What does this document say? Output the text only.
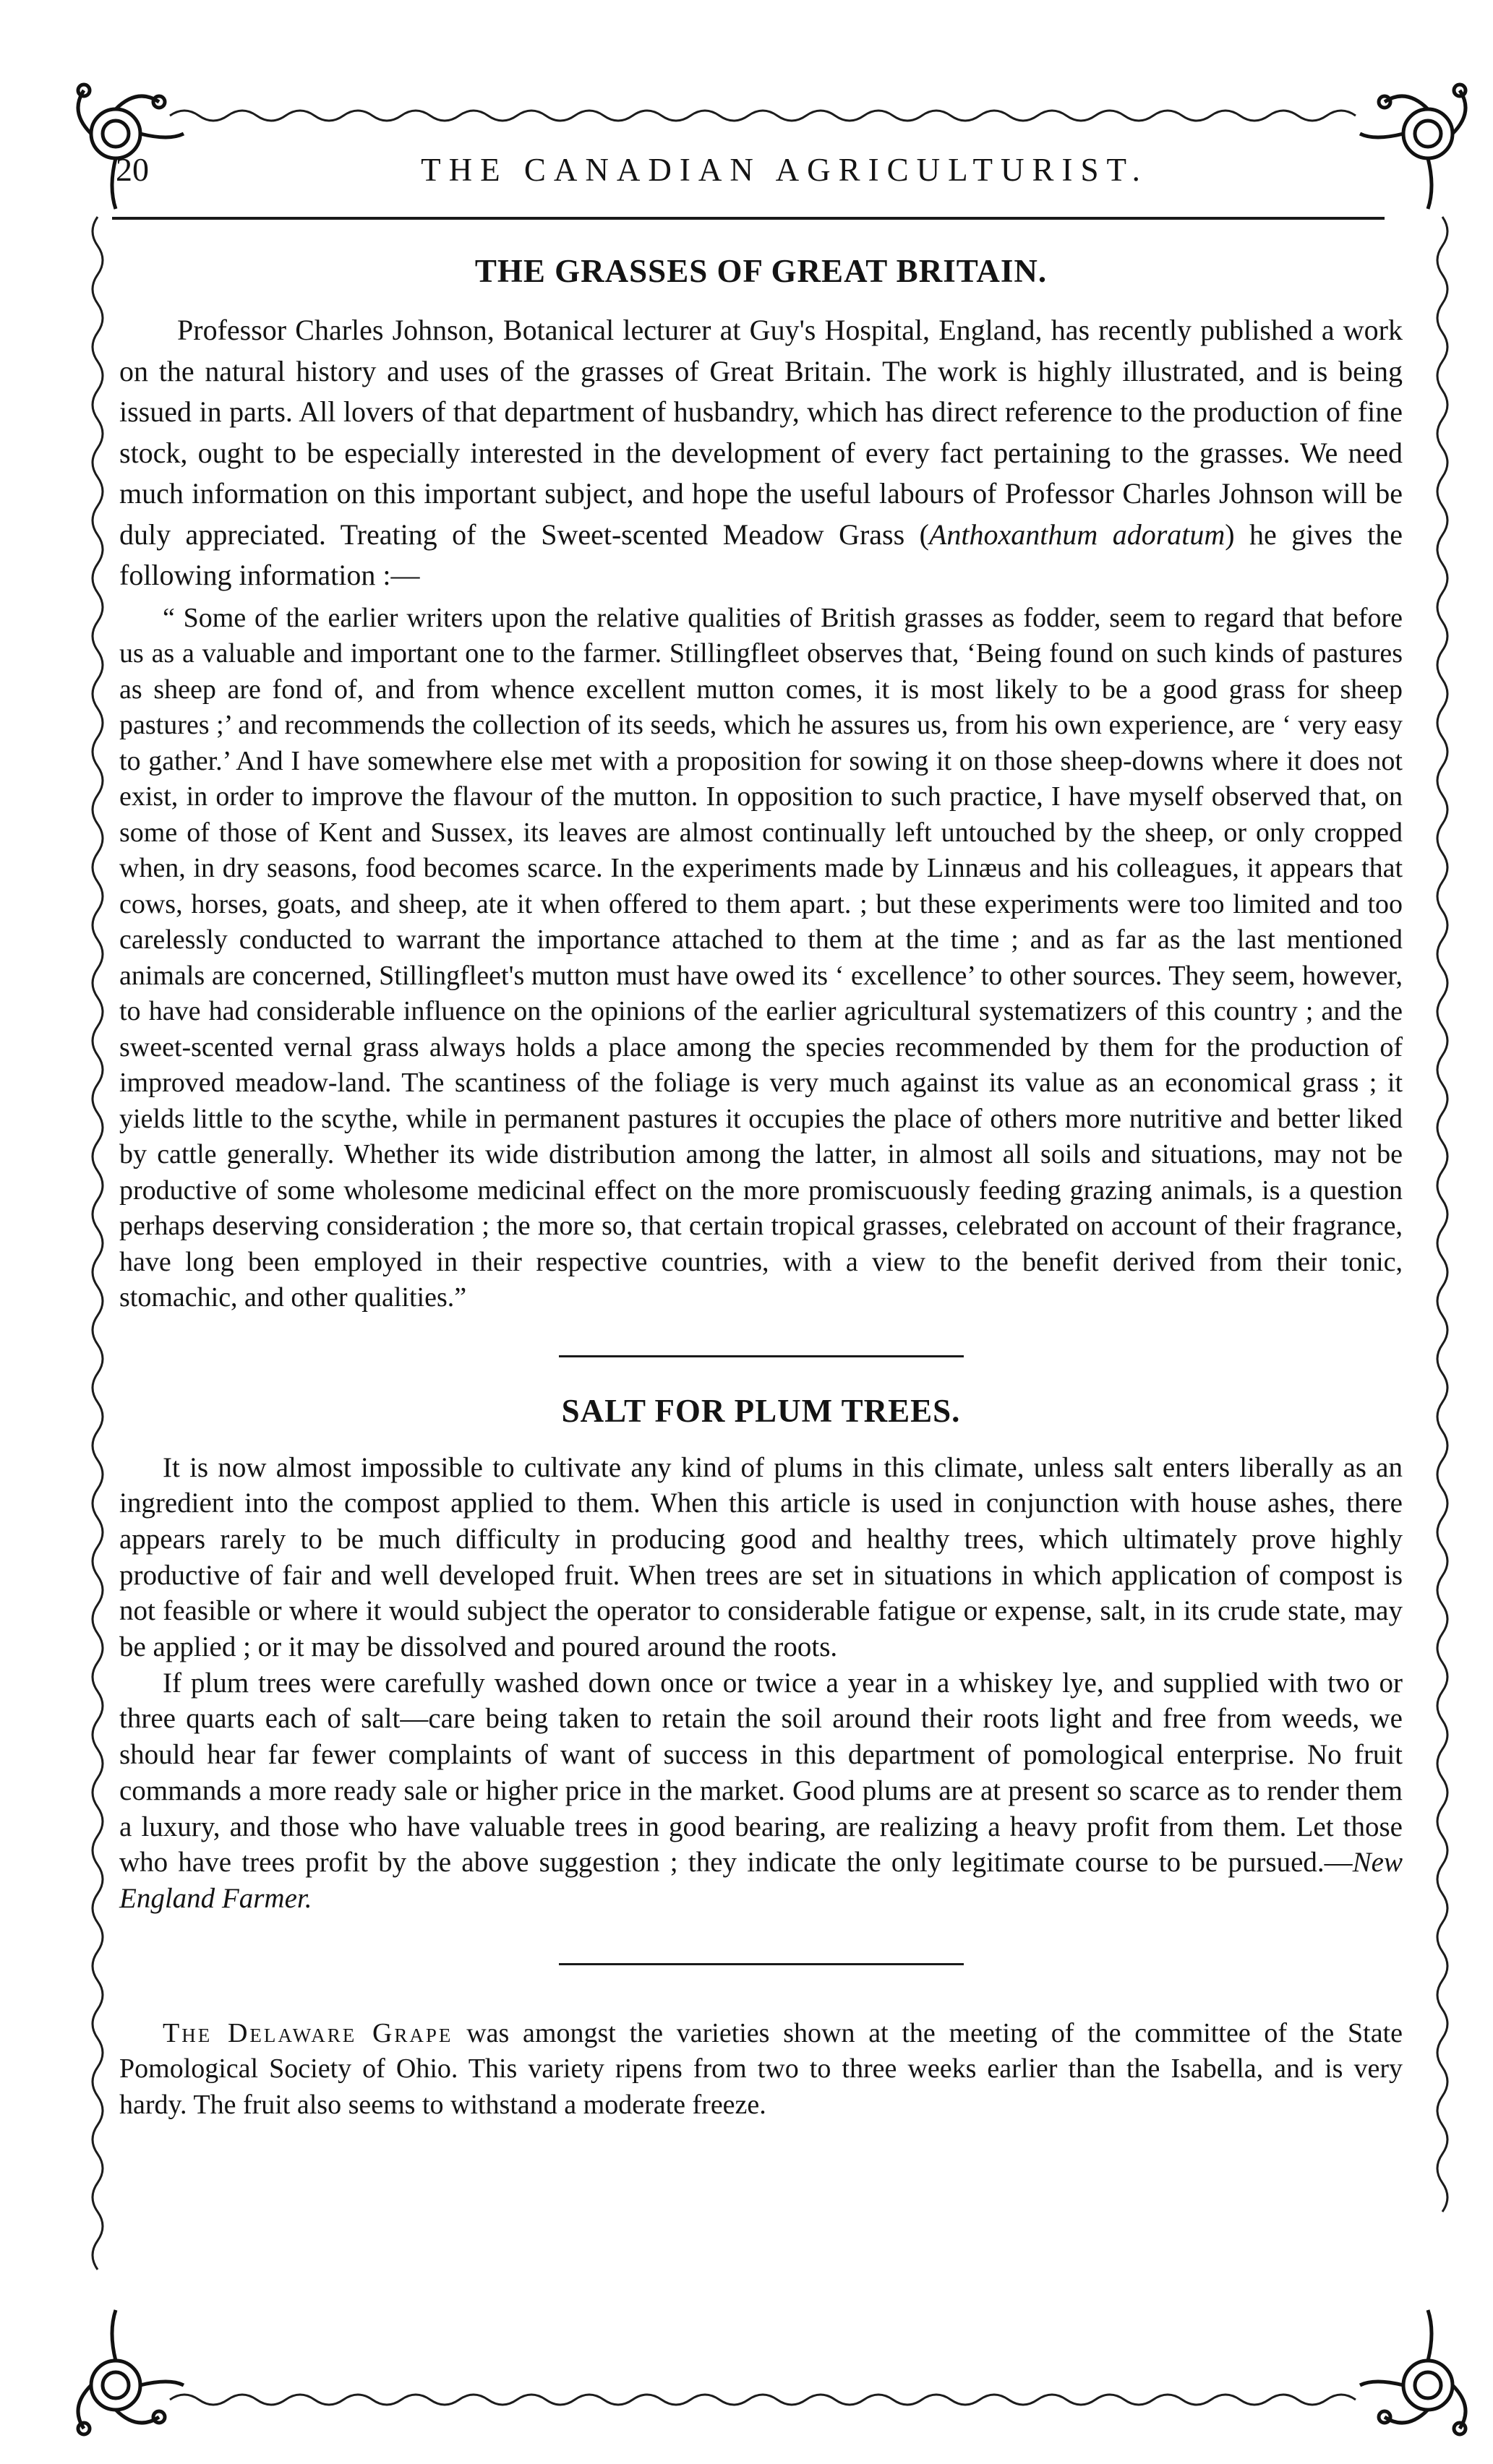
20	THE CANADIAN AGRICULTURIST.
THE GRASSES OF GREAT BRITAIN.

Professor Charles Johnson, Botanical lecturer at Guy's Hospital, England, has recently published a work on the natural history and uses of the grasses of Great Britain. The work is highly illustrated, and is being issued in parts. All lovers of that department of husbandry, which has direct reference to the production of fine stock, ought to be especially interested in the development of every fact pertaining to the grasses. We need much information on this important subject, and hope the useful labours of Professor Charles Johnson will be duly appreciated. Treating of the Sweet-scented Meadow Grass (Anthoxanthum adoratum) he gives the following information :—

“ Some of the earlier writers upon the relative qualities of British grasses as fodder, seem to regard that before us as a valuable and important one to the farmer. Stillingfleet observes that, ‘Being found on such kinds of pastures as sheep are fond of, and from whence excellent mutton comes, it is most likely to be a good grass for sheep pastures ;’ and recommends the collection of its seeds, which he assures us, from his own experience, are ‘ very easy to gather.’ And I have somewhere else met with a proposition for sowing it on those sheep-downs where it does not exist, in order to improve the flavour of the mutton. In opposition to such practice, I have myself observed that, on some of those of Kent and Sussex, its leaves are almost continually left untouched by the sheep, or only cropped when, in dry seasons, food becomes scarce. In the experiments made by Linnæus and his colleagues, it appears that cows, horses, goats, and sheep, ate it when offered to them apart. ; but these experiments were too limited and too carelessly conducted to warrant the importance attached to them at the time ; and as far as the last mentioned animals are concerned, Stillingfleet's mutton must have owed its ‘ excellence’ to other sources. They seem, however, to have had considerable influence on the opinions of the earlier agricultural systematizers of this country ; and the sweet-scented vernal grass always holds a place among the species recommended by them for the production of improved meadow-land. The scantiness of the foliage is very much against its value as an economical grass ; it yields little to the scythe, while in permanent pastures it occupies the place of others more nutritive and better liked by cattle generally. Whether its wide distribution among the latter, in almost all soils and situations, may not be productive of some wholesome medicinal effect on the more promiscuously feeding grazing animals, is a question perhaps deserving consideration ; the more so, that certain tropical grasses, celebrated on account of their fragrance, have long been employed in their respective countries, with a view to the benefit derived from their tonic, stomachic, and other qualities.”

SALT FOR PLUM TREES.

It is now almost impossible to cultivate any kind of plums in this climate, unless salt enters liberally as an ingredient into the compost applied to them. When this article is used in conjunction with house ashes, there appears rarely to be much difficulty in producing good and healthy trees, which ultimately prove highly productive of fair and well developed fruit. When trees are set in situations in which application of compost is not feasible or where it would subject the operator to considerable fatigue or expense, salt, in its crude state, may be applied ; or it may be dissolved and poured around the roots.

If plum trees were carefully washed down once or twice a year in a whiskey lye, and supplied with two or three quarts each of salt—care being taken to retain the soil around their roots light and free from weeds, we should hear far fewer complaints of want of success in this department of pomological enterprise. No fruit commands a more ready sale or higher price in the market. Good plums are at present so scarce as to render them a luxury, and those who have valuable trees in good bearing, are realizing a heavy profit from them. Let those who have trees profit by the above suggestion ; they indicate the only legitimate course to be pursued.—New England Farmer.

The Delaware Grape was amongst the varieties shown at the meeting of the committee of the State Pomological Society of Ohio. This variety ripens from two to three weeks earlier than the Isabella, and is very hardy. The fruit also seems to withstand a moderate freeze.
